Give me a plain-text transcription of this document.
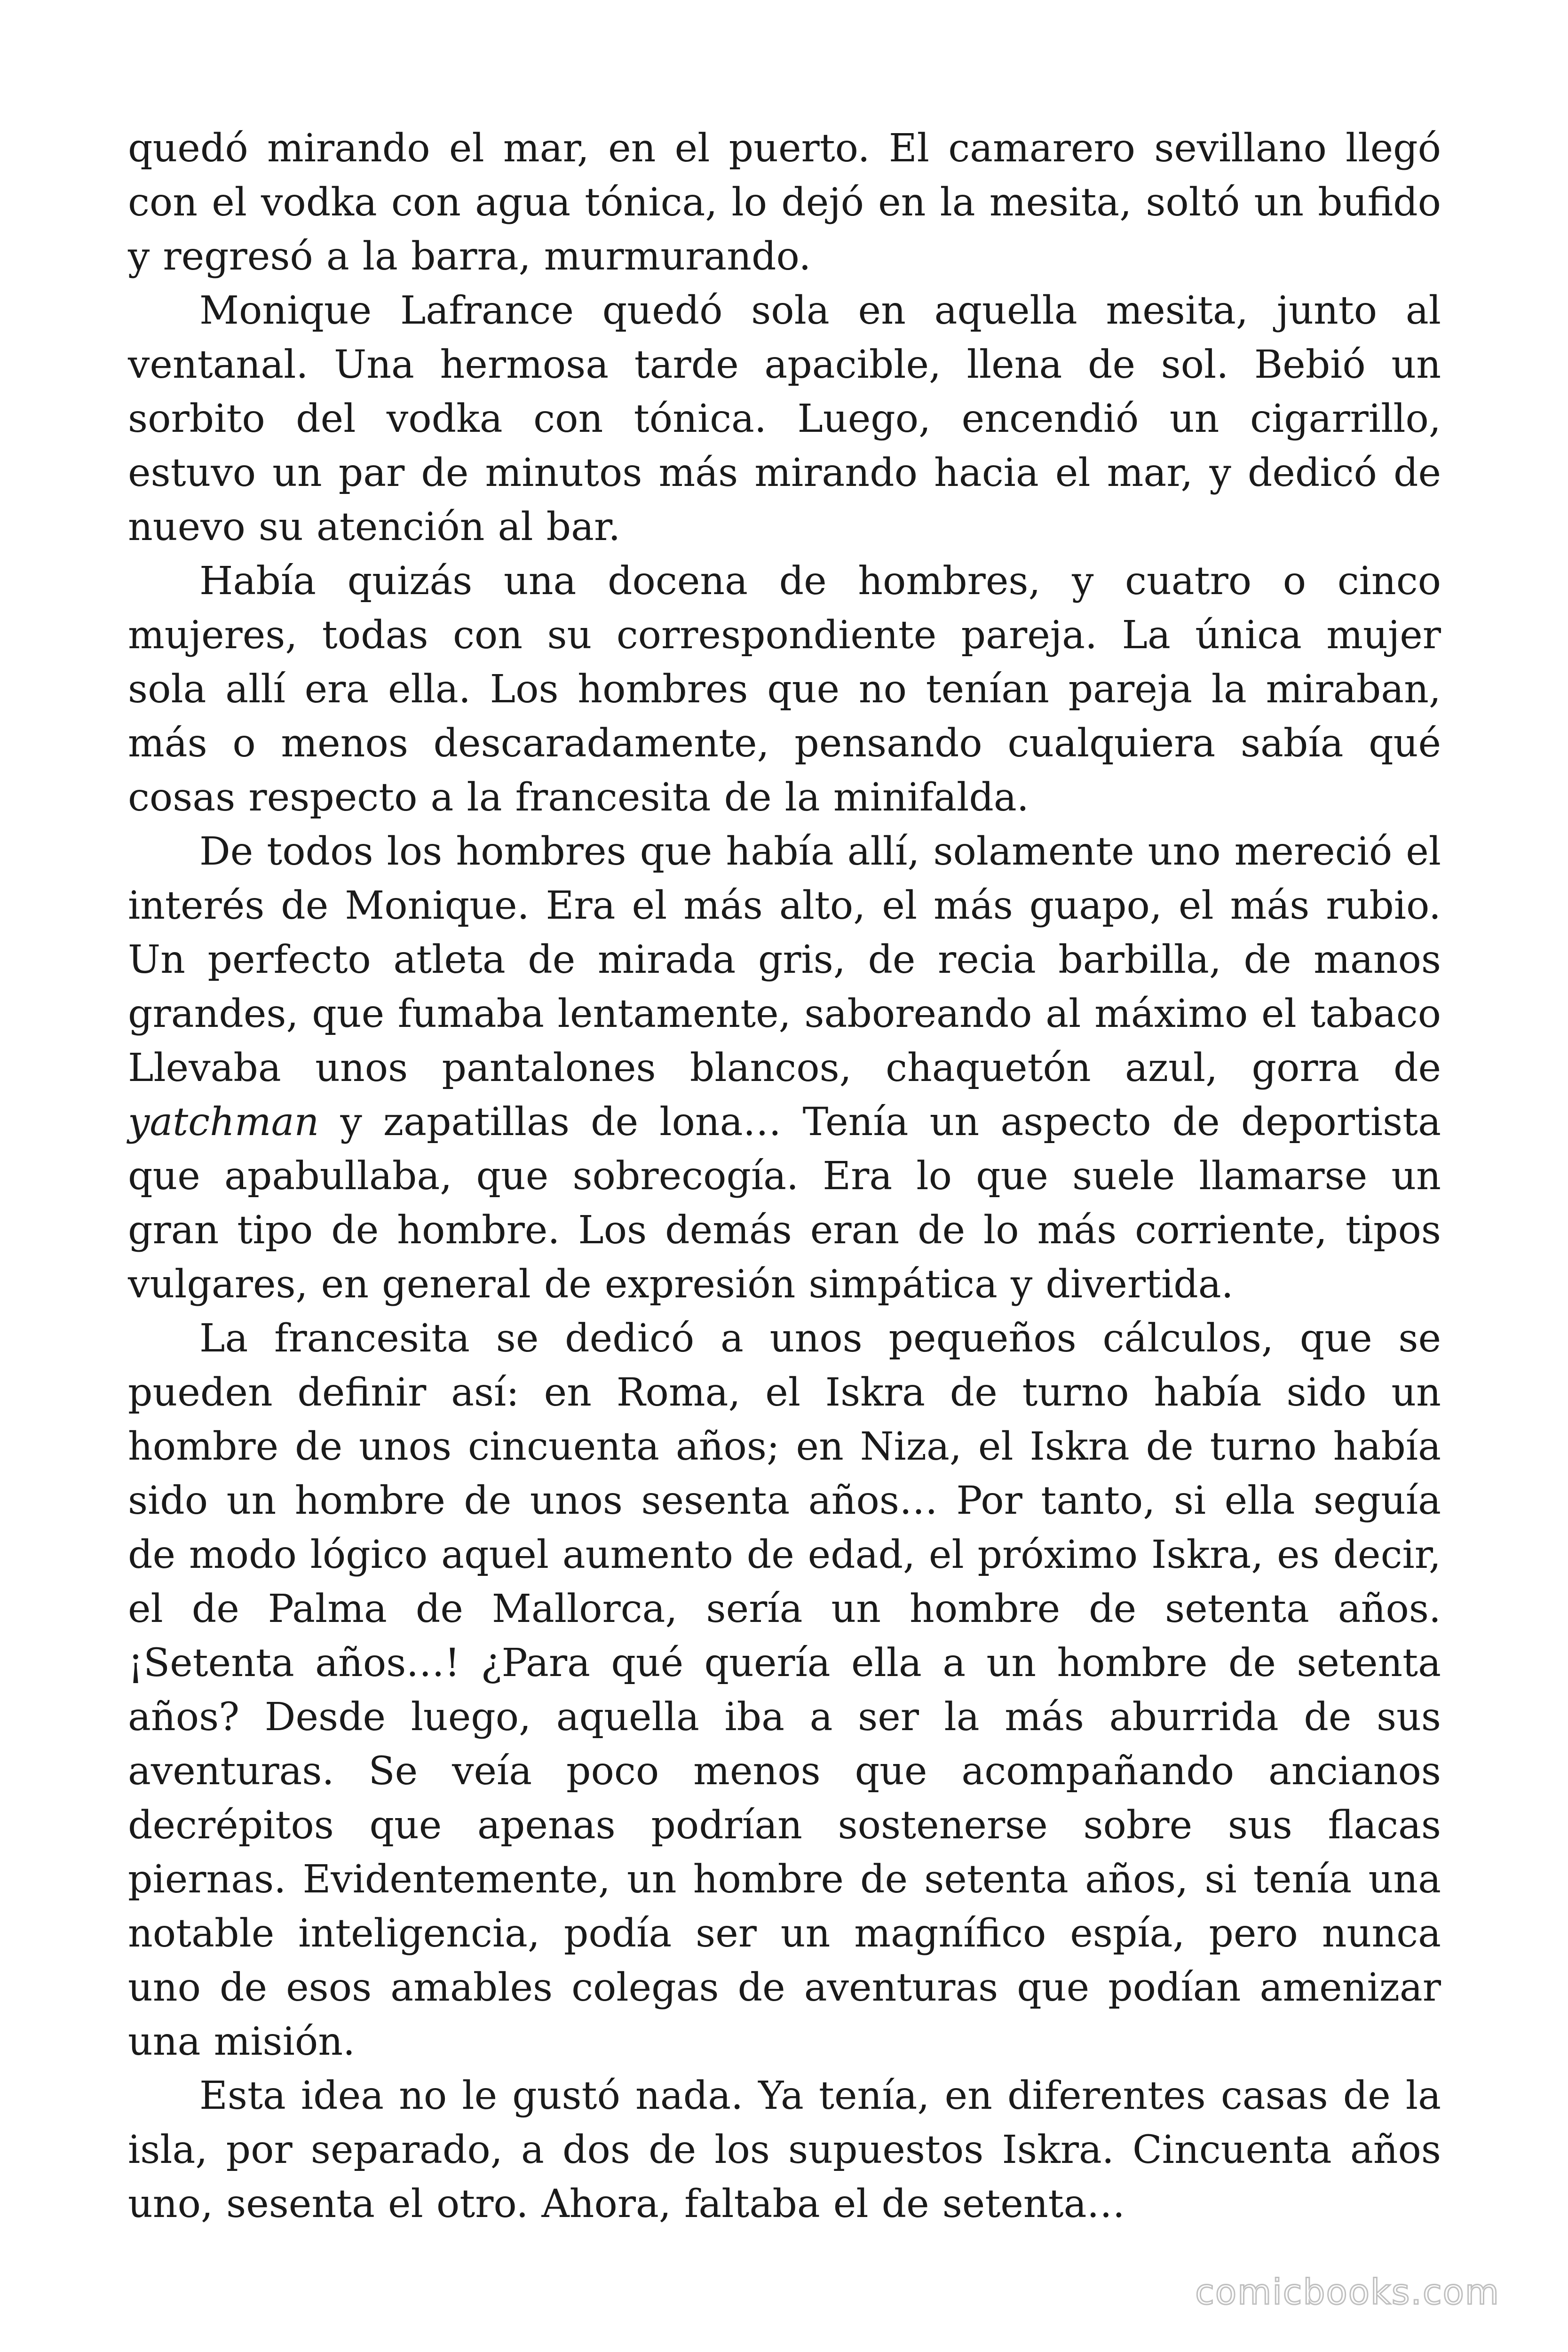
quedó mirando el mar, en el puerto. El camarero sevillano llegó con el vodka con agua tónica, lo dejó en la mesita, soltó un bufido y regresó a la barra, murmurando.

Monique Lafrance quedó sola en aquella mesita, junto al ventanal. Una hermosa tarde apacible, llena de sol. Bebió un sorbito del vodka con tónica. Luego, encendió un cigarrillo, estuvo un par de minutos más mirando hacia el mar, y dedicó de nuevo su atención al bar.

Había quizás una docena de hombres, y cuatro o cinco mujeres, todas con su correspondiente pareja. La única mujer sola allí era ella. Los hombres que no tenían pareja la miraban, más o menos descaradamente, pensando cualquiera sabía qué cosas respecto a la francesita de la minifalda.

De todos los hombres que había allí, solamente uno mereció el interés de Monique. Era el más alto, el más guapo, el más rubio. Un perfecto atleta de mirada gris, de recia barbilla, de manos grandes, que fumaba lentamente, saboreando al máximo el tabaco Llevaba unos pantalones blancos, chaquetón azul, gorra de yatchman y zapatillas de lona… Tenía un aspecto de deportista que apabullaba, que sobrecogía. Era lo que suele llamarse un gran tipo de hombre. Los demás eran de lo más corriente, tipos vulgares, en general de expresión simpática y divertida.

La francesita se dedicó a unos pequeños cálculos, que se pueden definir así: en Roma, el Iskra de turno había sido un hombre de unos cincuenta años; en Niza, el Iskra de turno había sido un hombre de unos sesenta años… Por tanto, si ella seguía de modo lógico aquel aumento de edad, el próximo Iskra, es decir, el de Palma de Mallorca, sería un hombre de setenta años. ¡Setenta años…! ¿Para qué quería ella a un hombre de setenta años? Desde luego, aquella iba a ser la más aburrida de sus aventuras. Se veía poco menos que acompañando ancianos decrépitos que apenas podrían sostenerse sobre sus flacas piernas. Evidentemente, un hombre de setenta años, si tenía una notable inteligencia, podía ser un magnífico espía, pero nunca uno de esos amables colegas de aventuras que podían amenizar una misión.

Esta idea no le gustó nada. Ya tenía, en diferentes casas de la isla, por separado, a dos de los supuestos Iskra. Cincuenta años uno, sesenta el otro. Ahora, faltaba el de setenta…

comicbooks.com
